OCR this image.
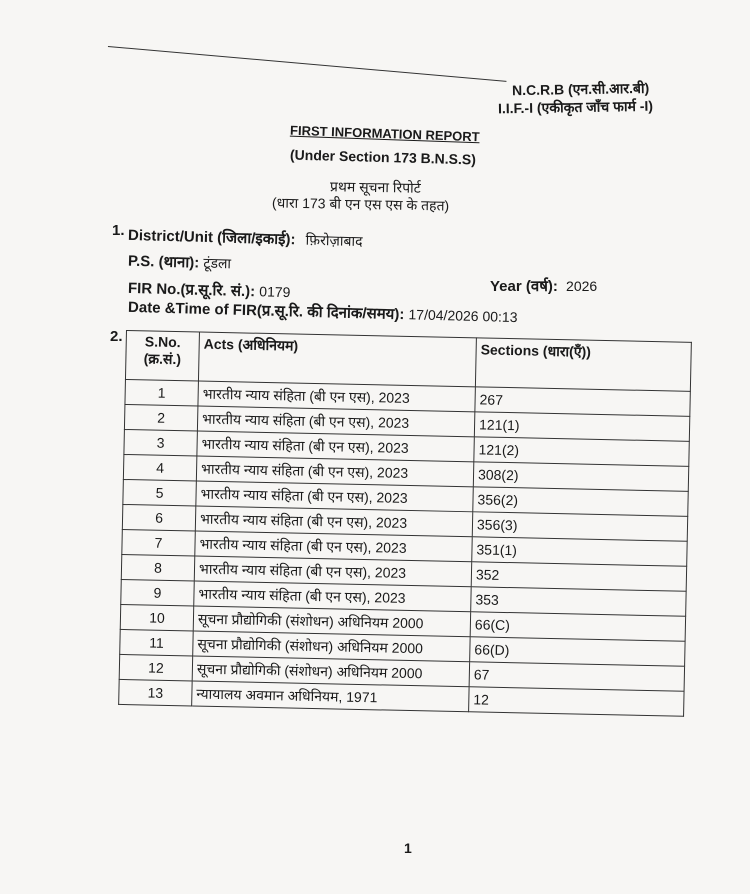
N.C.R.B (एन.सी.आर.बी)
I.I.F.-I (एकीकृत जाँच फार्म -I)
FIRST INFORMATION REPORT
(Under Section 173 B.N.S.S)
प्रथम सूचना रिपोर्ट
(धारा 173 बी एन एस एस के तहत)
1. District/Unit (जिला/इकाई): फ़िरोज़ाबाद
P.S. (थाना): टूंडला
Year (वर्ष): 2026
FIR No.(प्र.सू.रि. सं.): 0179
Date &Time of FIR(प्र.सू.रि. की दिनांक/समय): 17/04/2026 00:13
2. S.No. (क्र.सं.)	Acts (अधिनियम)	Sections (धारा(एँ))
1	भारतीय न्याय संहिता (बी एन एस), 2023	267
2	भारतीय न्याय संहिता (बी एन एस), 2023	121(1)
3	भारतीय न्याय संहिता (बी एन एस), 2023	121(2)
4	भारतीय न्याय संहिता (बी एन एस), 2023	308(2)
5	भारतीय न्याय संहिता (बी एन एस), 2023	356(2)
6	भारतीय न्याय संहिता (बी एन एस), 2023	356(3)
7	भारतीय न्याय संहिता (बी एन एस), 2023	351(1)
8	भारतीय न्याय संहिता (बी एन एस), 2023	352
9	भारतीय न्याय संहिता (बी एन एस), 2023	353
10	सूचना प्रौद्योगिकी (संशोधन) अधिनियम 2000	66(C)
11	सूचना प्रौद्योगिकी (संशोधन) अधिनियम 2000	66(D)
12	सूचना प्रौद्योगिकी (संशोधन) अधिनियम 2000	67
13	न्यायालय अवमान अधिनियम, 1971	12
1
